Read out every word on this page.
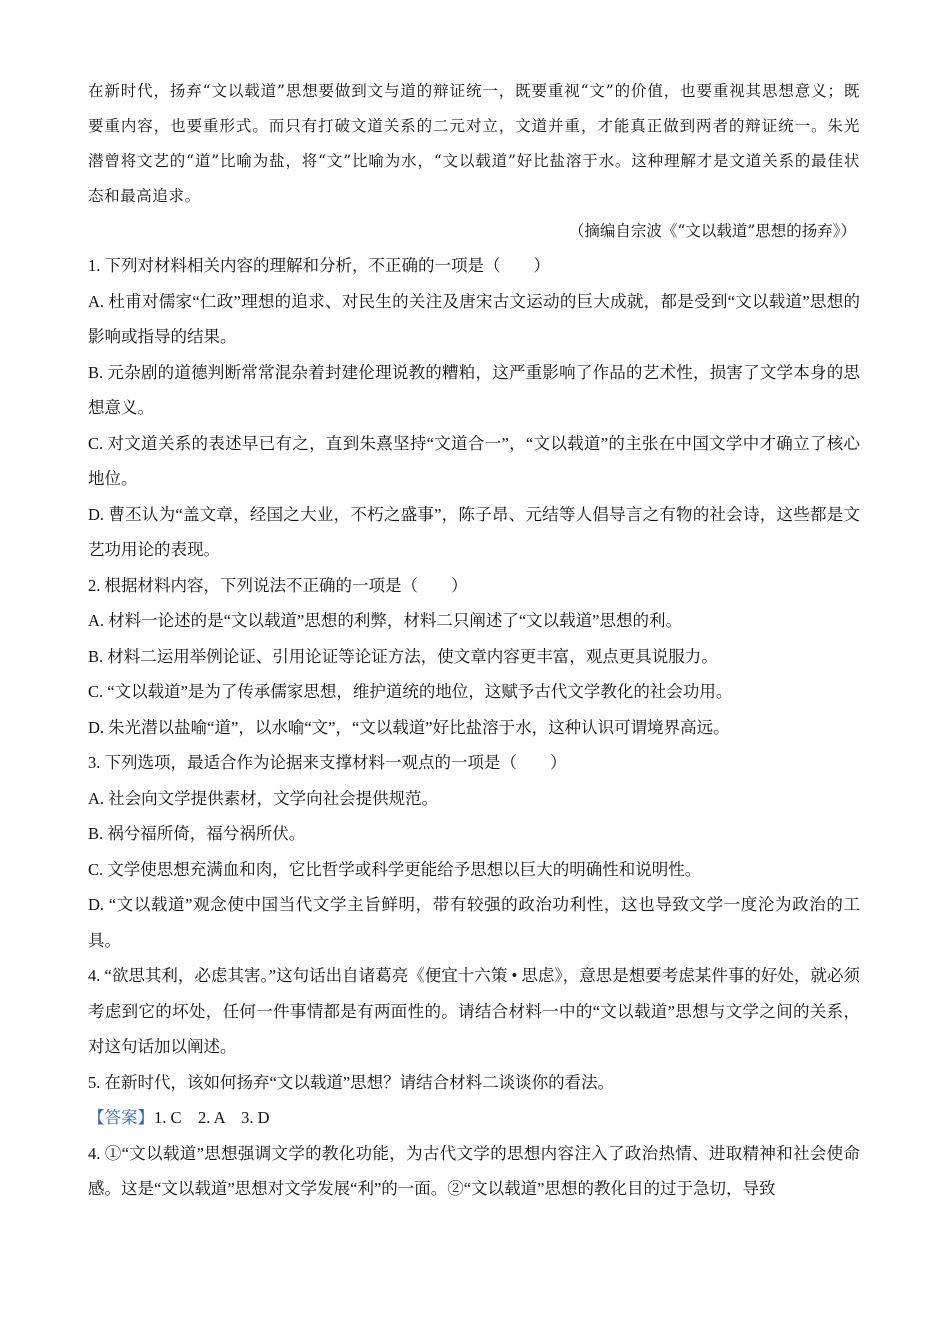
在新时代，扬弃“文以载道”思想要做到文与道的辩证统一，既要重视“文”的价值，也要重视其思想意义；既要重内容，也要重形式。而只有打破文道关系的二元对立，文道并重，才能真正做到两者的辩证统一。朱光潜曾将文艺的“道”比喻为盐，将“文”比喻为水，“文以载道”好比盐溶于水。这种理解才是文道关系的最佳状态和最高追求。

（摘编自宗波《“文以载道”思想的扬弃》）

1. 下列对材料相关内容的理解和分析，不正确的一项是（　　）

A. 杜甫对儒家“仁政”理想的追求、对民生的关注及唐宋古文运动的巨大成就，都是受到“文以载道”思想的影响或指导的结果。

B. 元杂剧的道德判断常常混杂着封建伦理说教的糟粕，这严重影响了作品的艺术性，损害了文学本身的思想意义。

C. 对文道关系的表述早已有之，直到朱熹坚持“文道合一”，“文以载道”的主张在中国文学中才确立了核心地位。

D. 曹丕认为“盖文章，经国之大业，不朽之盛事”，陈子昂、元结等人倡导言之有物的社会诗，这些都是文艺功用论的表现。

2. 根据材料内容，下列说法不正确的一项是（　　）

A. 材料一论述的是“文以载道”思想的利弊，材料二只阐述了“文以载道”思想的利。

B. 材料二运用举例论证、引用论证等论证方法，使文章内容更丰富，观点更具说服力。

C. “文以载道”是为了传承儒家思想，维护道统的地位，这赋予古代文学教化的社会功用。

D. 朱光潜以盐喻“道”，以水喻“文”，“文以载道”好比盐溶于水，这种认识可谓境界高远。

3. 下列选项，最适合作为论据来支撑材料一观点的一项是（　　）

A. 社会向文学提供素材，文学向社会提供规范。

B. 祸兮福所倚，福兮祸所伏。

C. 文学使思想充满血和肉，它比哲学或科学更能给予思想以巨大的明确性和说明性。

D. “文以载道”观念使中国当代文学主旨鲜明，带有较强的政治功利性，这也导致文学一度沦为政治的工具。

4. “欲思其利，必虑其害。”这句话出自诸葛亮《便宜十六策 • 思虑》，意思是想要考虑某件事的好处，就必须考虑到它的坏处，任何一件事情都是有两面性的。请结合材料一中的“文以载道”思想与文学之间的关系，对这句话加以阐述。

5. 在新时代，该如何扬弃“文以载道”思想？请结合材料二谈谈你的看法。

【答案】1. C　2. A　3. D

4. ①“文以载道”思想强调文学的教化功能，为古代文学的思想内容注入了政治热情、进取精神和社会使命感。这是“文以载道”思想对文学发展“利”的一面。②“文以载道”思想的教化目的过于急切，导致
